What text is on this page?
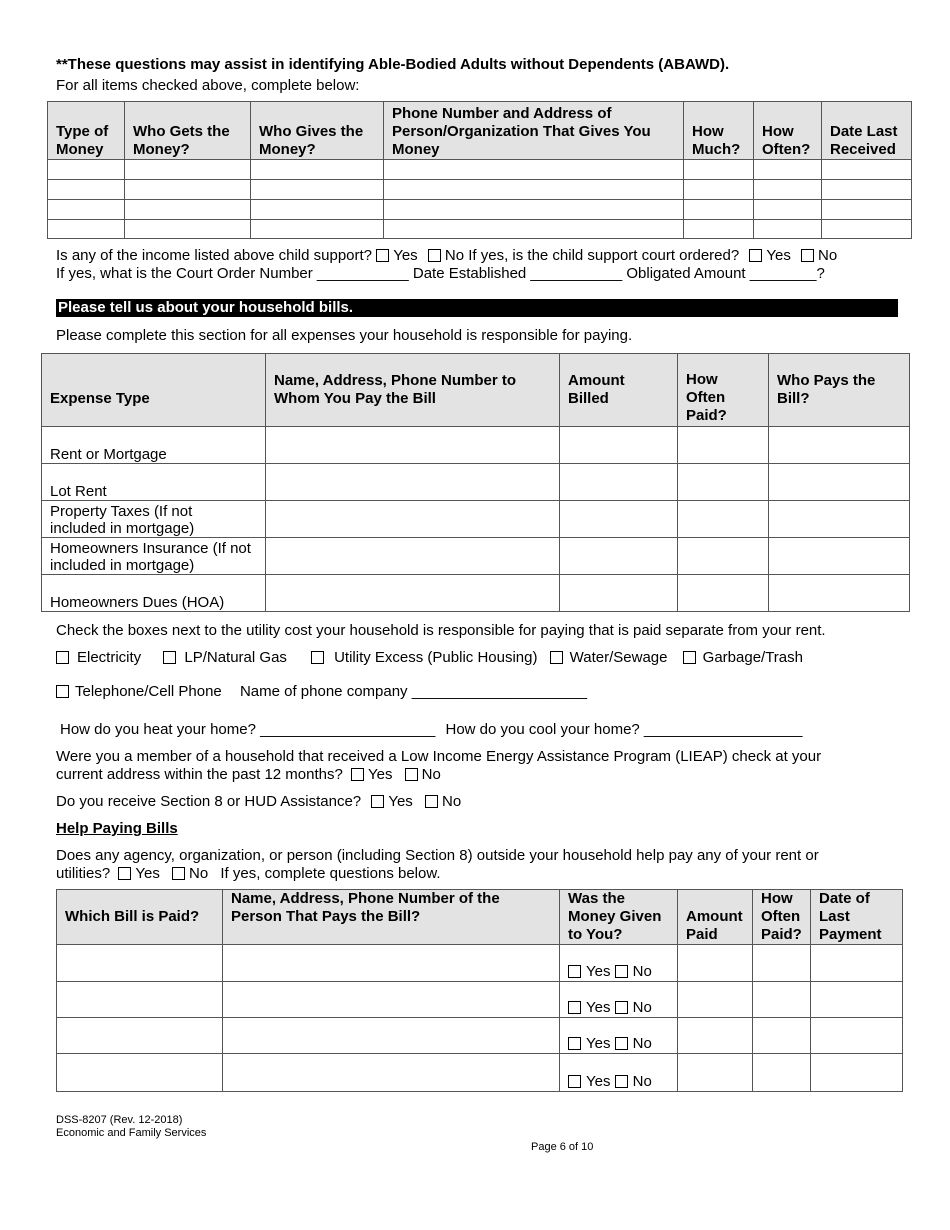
**These questions may assist in identifying Able-Bodied Adults without Dependents (ABAWD).
For all items checked above, complete below:
Type of Money	Who Gets the Money?	Who Gives the Money?	Phone Number and Address of Person/Organization That Gives You Money	How Much?	How Often?	Date Last Received

Is any of the income listed above child support? Yes No If yes, is the child support court ordered? Yes No
If yes, what is the Court Order Number ___________ Date Established ___________ Obligated Amount ________?
Please tell us about your household bills.
Please complete this section for all expenses your household is responsible for paying.
Expense Type	Name, Address, Phone Number to Whom You Pay the Bill	Amount Billed	How Often Paid?	Who Pays the Bill?
Rent or Mortgage				
Lot Rent				
Property Taxes (If not included in mortgage)				
Homeowners Insurance (If not included in mortgage)				
Homeowners Dues (HOA)				
Check the boxes next to the utility cost your household is responsible for paying that is paid separate from your rent.
Electricity	LP/Natural Gas	Utility Excess (Public Housing) Water/Sewage Garbage/Trash
Telephone/Cell Phone Name of phone company _____________________
How do you heat your home? _____________________ How do you cool your home? ___________________
Were you a member of a household that received a Low Income Energy Assistance Program (LIEAP) check at your
current address within the past 12 months? Yes No
Do you receive Section 8 or HUD Assistance? Yes No
Help Paying Bills
Does any agency, organization, or person (including Section 8) outside your household help pay any of your rent or
utilities? Yes No If yes, complete questions below.
Which Bill is Paid?	Name, Address, Phone Number of the Person That Pays the Bill?	Was the Money Given to You?	Amount Paid	How Often Paid?	Date of Last Payment
		Yes No			
		Yes No			
		Yes No			
		Yes No			
DSS-8207 (Rev. 12-2018)
Economic and Family Services
Page 6 of 10
